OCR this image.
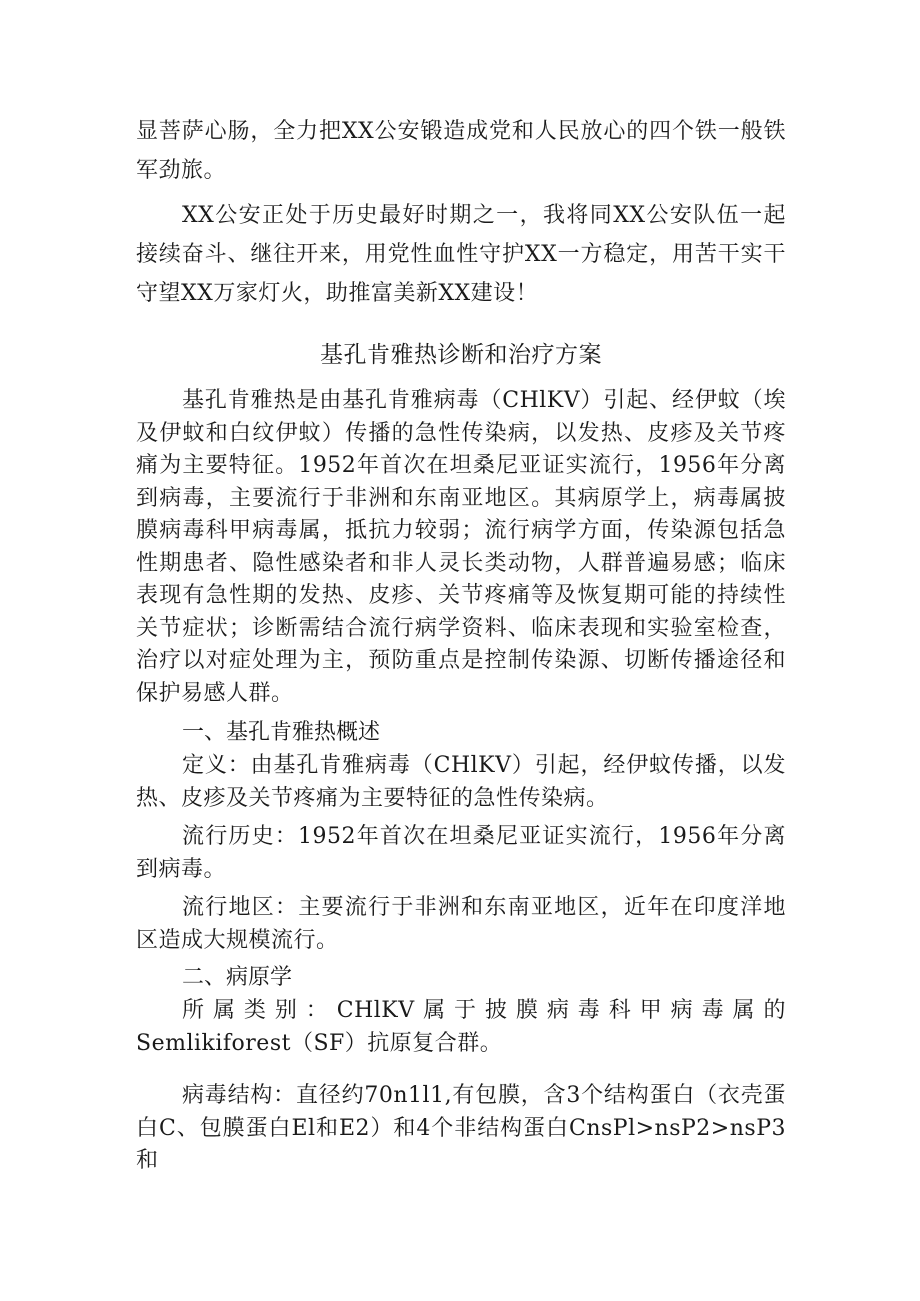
显菩萨心肠，全力把XX公安锻造成党和人民放心的四个铁一般铁军劲旅。

XX公安正处于历史最好时期之一，我将同XX公安队伍一起接续奋斗、继往开来，用党性血性守护XX一方稳定，用苦干实干守望XX万家灯火，助推富美新XX建设！

基孔肯雅热诊断和治疗方案

基孔肯雅热是由基孔肯雅病毒（CHlKV）引起、经伊蚊（埃及伊蚊和白纹伊蚊）传播的急性传染病，以发热、皮疹及关节疼痛为主要特征。1952年首次在坦桑尼亚证实流行，1956年分离到病毒，主要流行于非洲和东南亚地区。其病原学上，病毒属披膜病毒科甲病毒属，抵抗力较弱；流行病学方面，传染源包括急性期患者、隐性感染者和非人灵长类动物，人群普遍易感；临床表现有急性期的发热、皮疹、关节疼痛等及恢复期可能的持续性关节症状；诊断需结合流行病学资料、临床表现和实验室检查，治疗以对症处理为主，预防重点是控制传染源、切断传播途径和保护易感人群。

一、基孔肯雅热概述

定义：由基孔肯雅病毒（CHlKV）引起，经伊蚊传播，以发热、皮疹及关节疼痛为主要特征的急性传染病。

流行历史：1952年首次在坦桑尼亚证实流行，1956年分离到病毒。

流行地区：主要流行于非洲和东南亚地区，近年在印度洋地区造成大规模流行。

二、病原学

所属类别：CHlKV属于披膜病毒科甲病毒属的Semlikiforest（SF）抗原复合群。

病毒结构：直径约70n1l1,有包膜，含3个结构蛋白（衣壳蛋白C、包膜蛋白El和E2）和4个非结构蛋白CnsPl>nsP2>nsP3和
